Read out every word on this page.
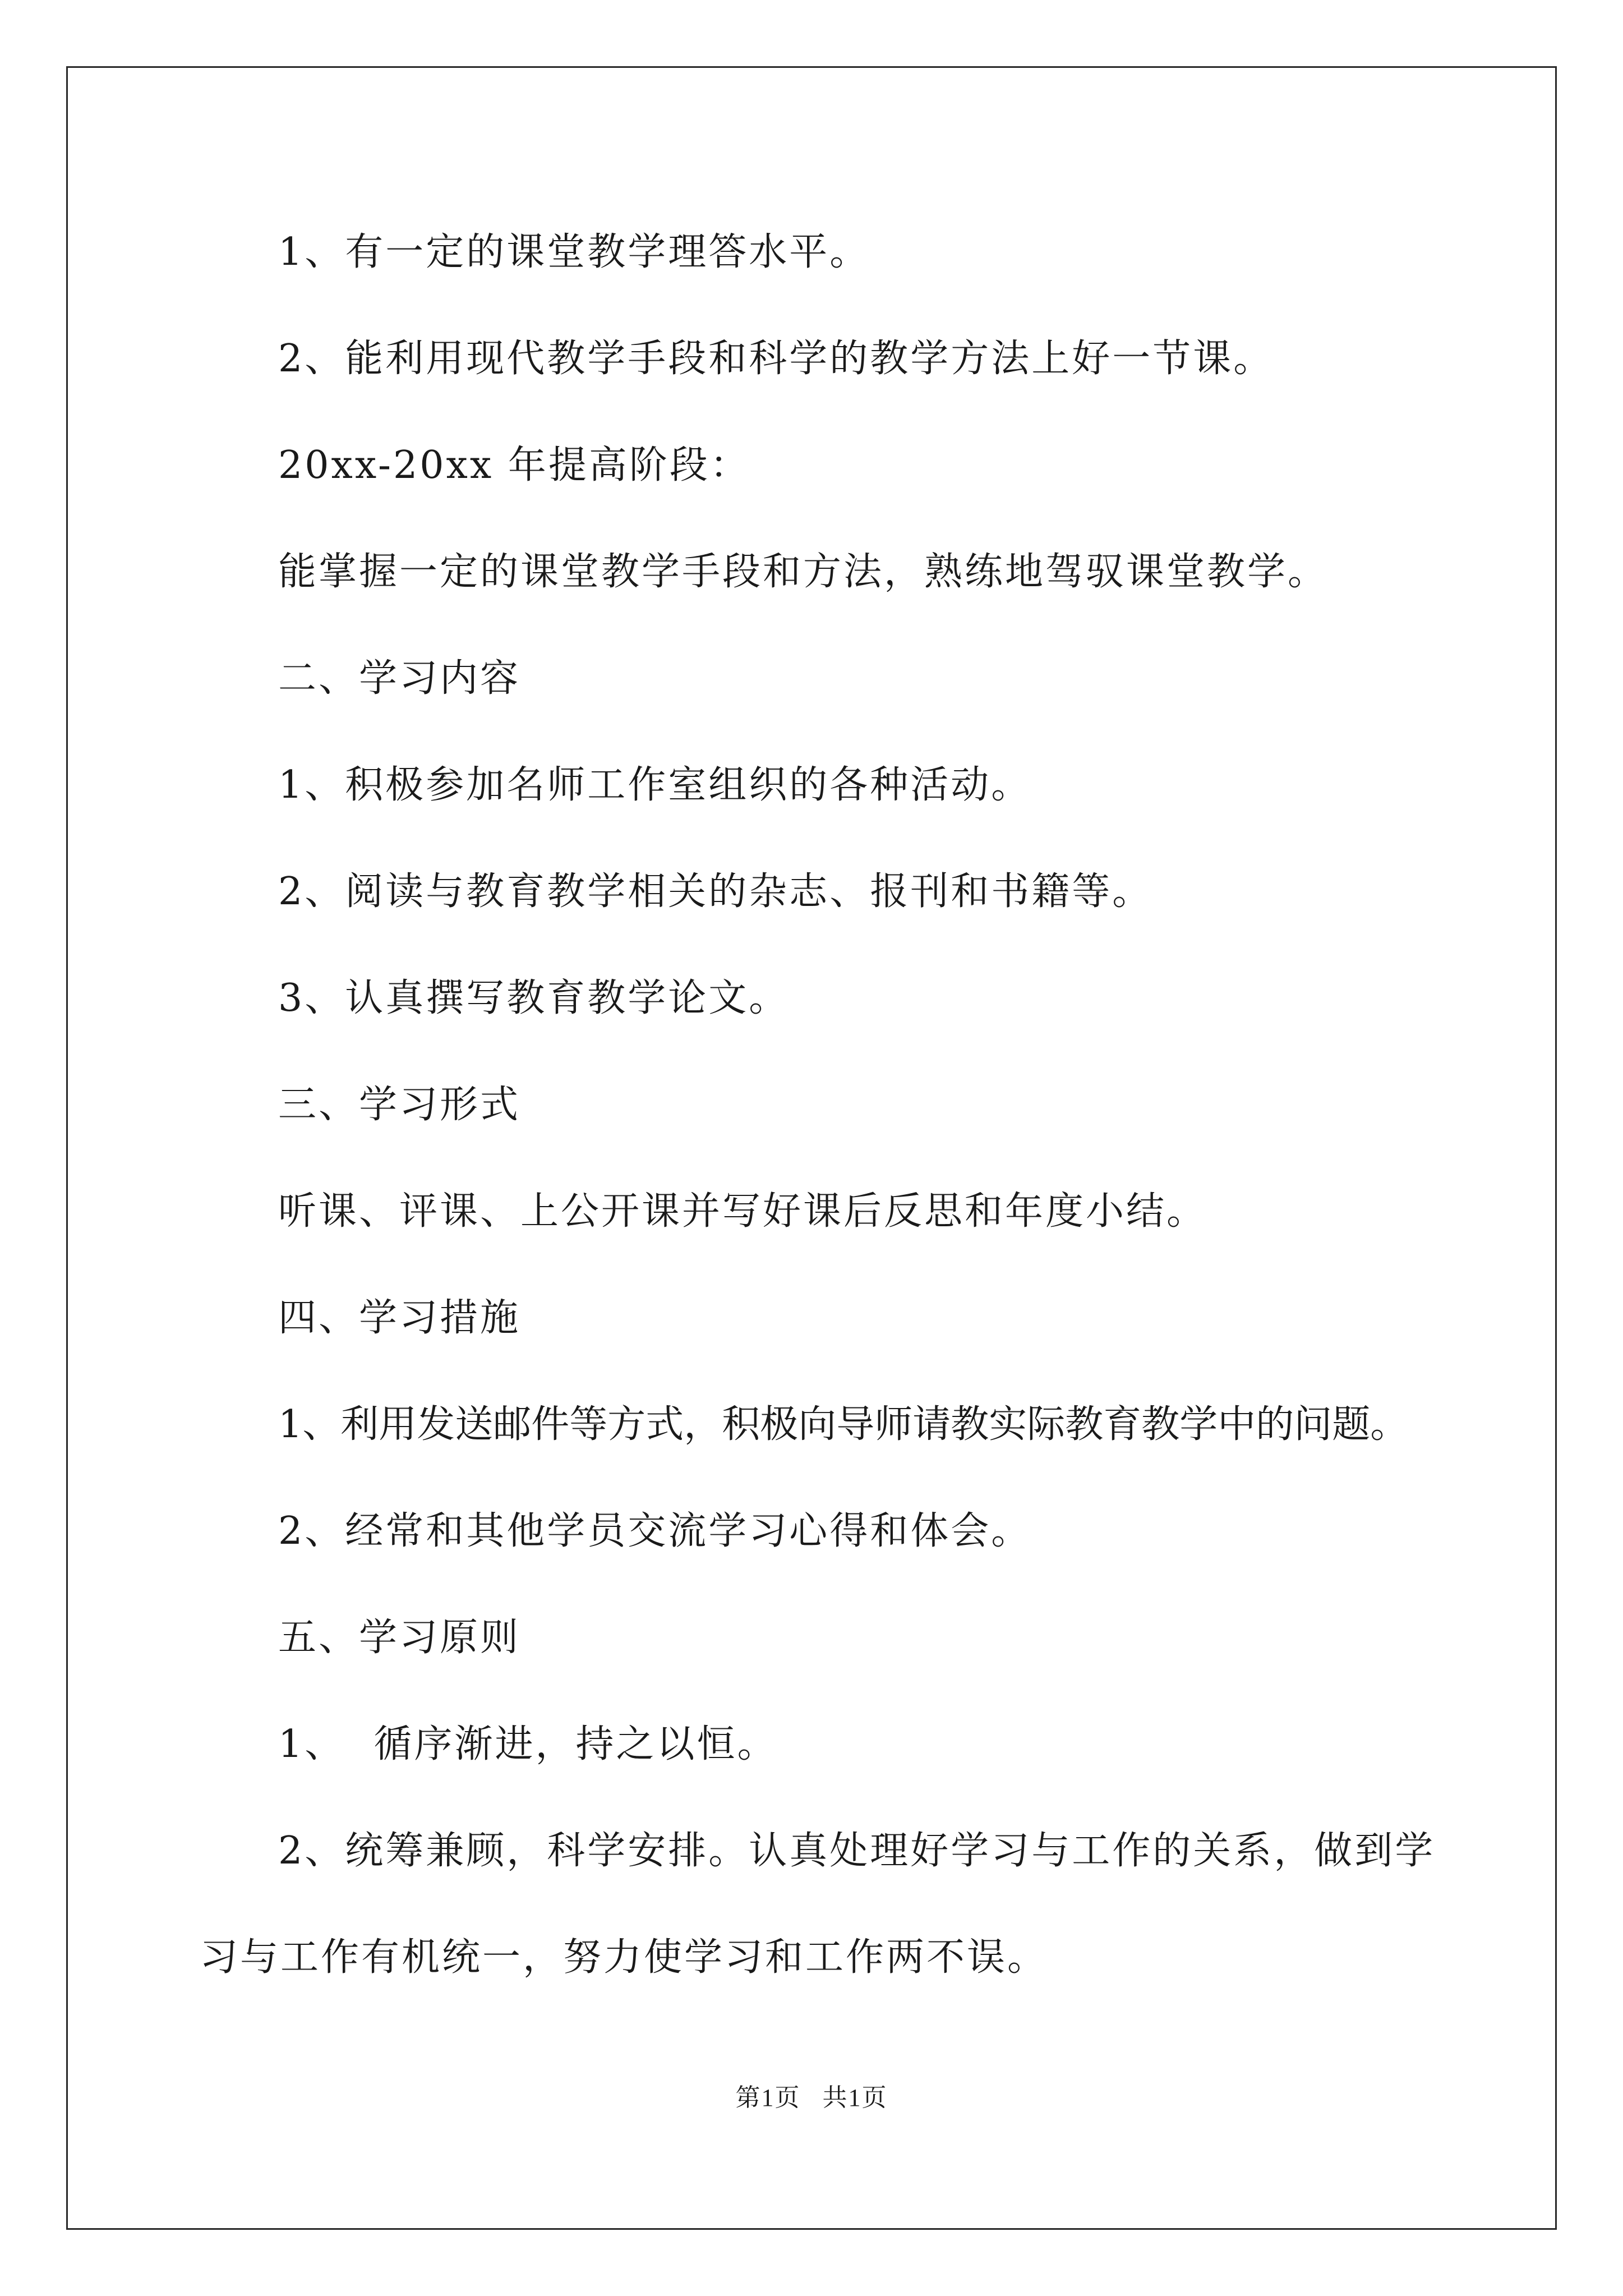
1、有一定的课堂教学理答水平。
2、能利用现代教学手段和科学的教学方法上好一节课。
20xx-20xx 年提高阶段：
能掌握一定的课堂教学手段和方法，熟练地驾驭课堂教学。
二、学习内容
1、积极参加名师工作室组织的各种活动。
2、阅读与教育教学相关的杂志、报刊和书籍等。
3、认真撰写教育教学论文。
三、学习形式
听课、评课、上公开课并写好课后反思和年度小结。
四、学习措施
1、利用发送邮件等方式，积极向导师请教实际教育教学中的问题。
2、经常和其他学员交流学习心得和体会。
五、学习原则
1、  循序渐进，持之以恒。
2、统筹兼顾，科学安排。认真处理好学习与工作的关系，做到学
习与工作有机统一，努力使学习和工作两不误。
第1页   共1页
